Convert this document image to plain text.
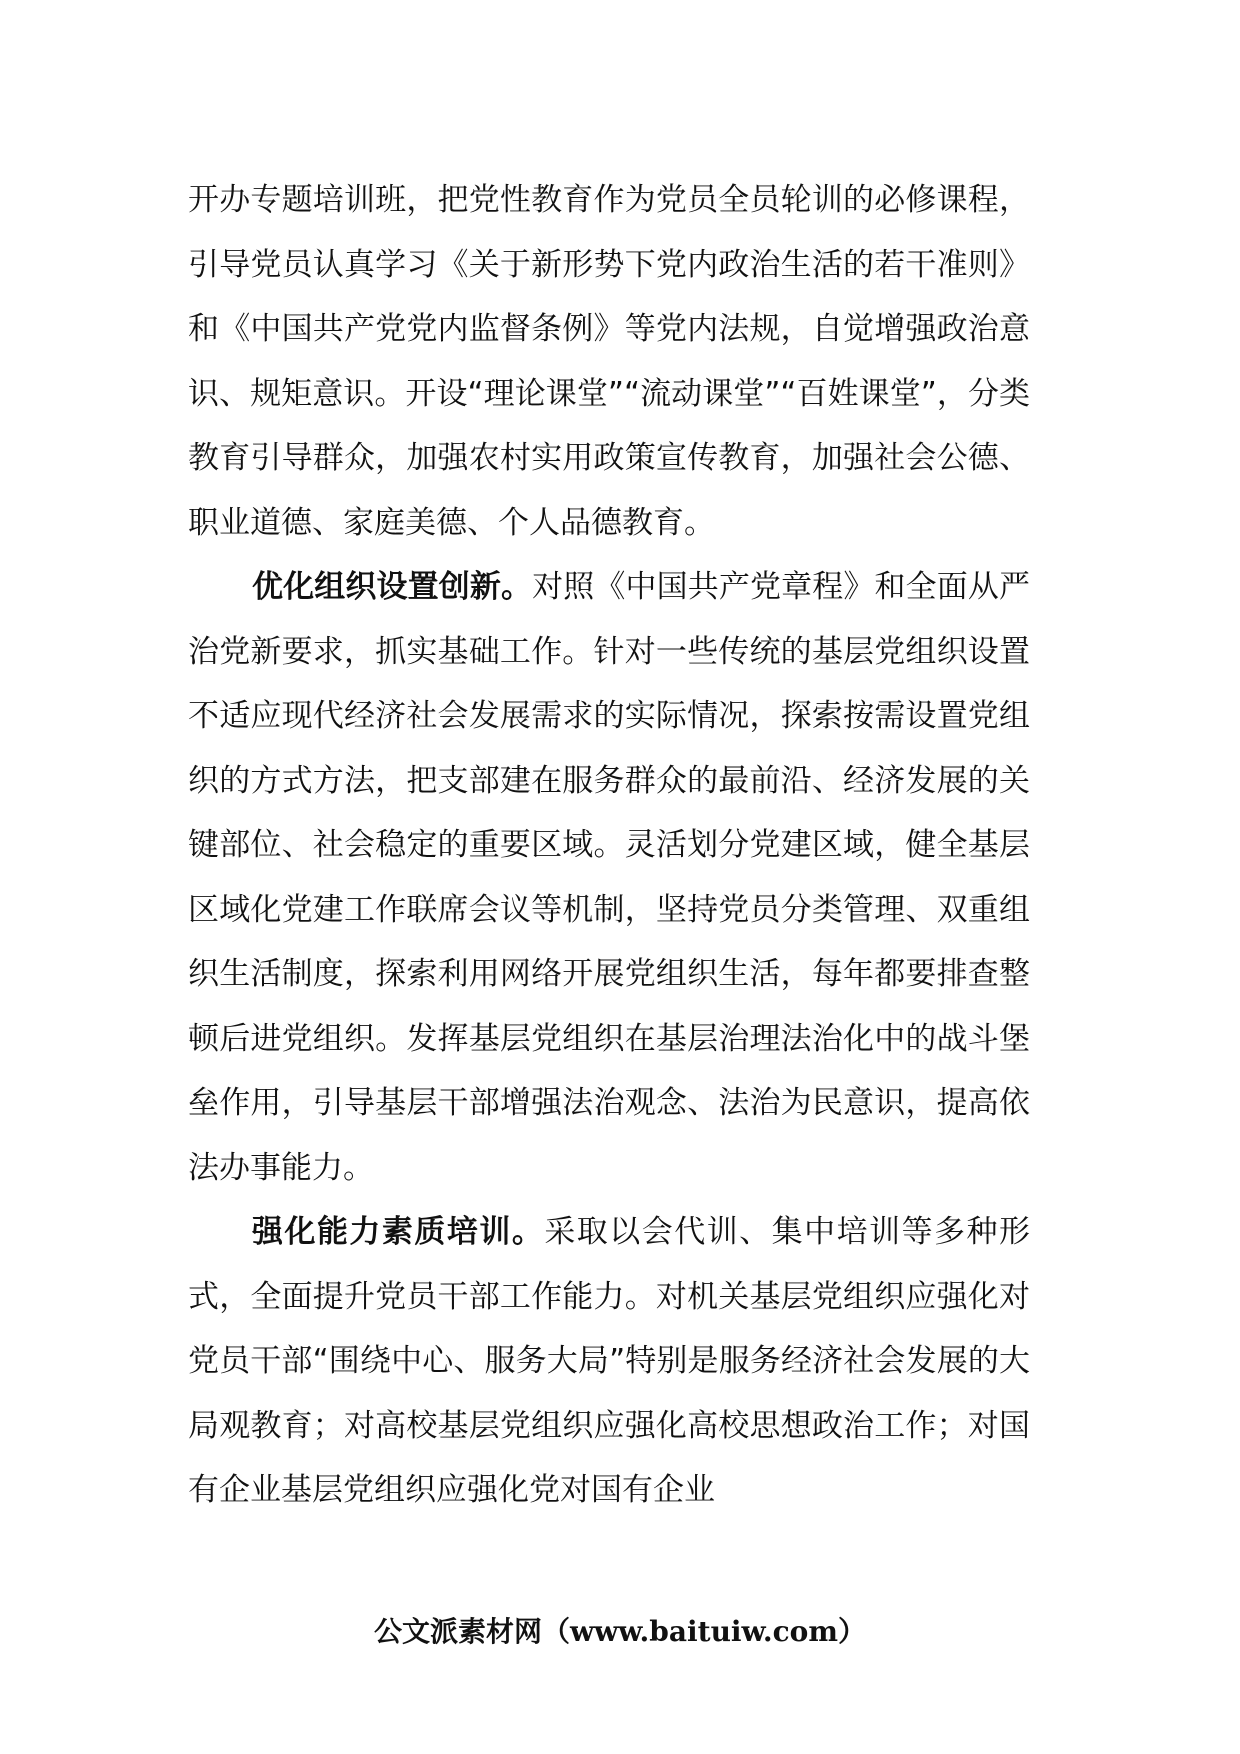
开办专题培训班，把党性教育作为党员全员轮训的必修课程，引导党员认真学习《关于新形势下党内政治生活的若干准则》和《中国共产党党内监督条例》等党内法规，自觉增强政治意识、规矩意识。开设“理论课堂”“流动课堂”“百姓课堂”，分类教育引导群众，加强农村实用政策宣传教育，加强社会公德、职业道德、家庭美德、个人品德教育。

优化组织设置创新。对照《中国共产党章程》和全面从严治党新要求，抓实基础工作。针对一些传统的基层党组织设置不适应现代经济社会发展需求的实际情况，探索按需设置党组织的方式方法，把支部建在服务群众的最前沿、经济发展的关键部位、社会稳定的重要区域。灵活划分党建区域，健全基层区域化党建工作联席会议等机制，坚持党员分类管理、双重组织生活制度，探索利用网络开展党组织生活，每年都要排查整顿后进党组织。发挥基层党组织在基层治理法治化中的战斗堡垒作用，引导基层干部增强法治观念、法治为民意识，提高依法办事能力。

强化能力素质培训。采取以会代训、集中培训等多种形式，全面提升党员干部工作能力。对机关基层党组织应强化对党员干部“围绕中心、服务大局”特别是服务经济社会发展的大局观教育；对高校基层党组织应强化高校思想政治工作；对国有企业基层党组织应强化党对国有企业

公文派素材网（www.baituiw.com）
